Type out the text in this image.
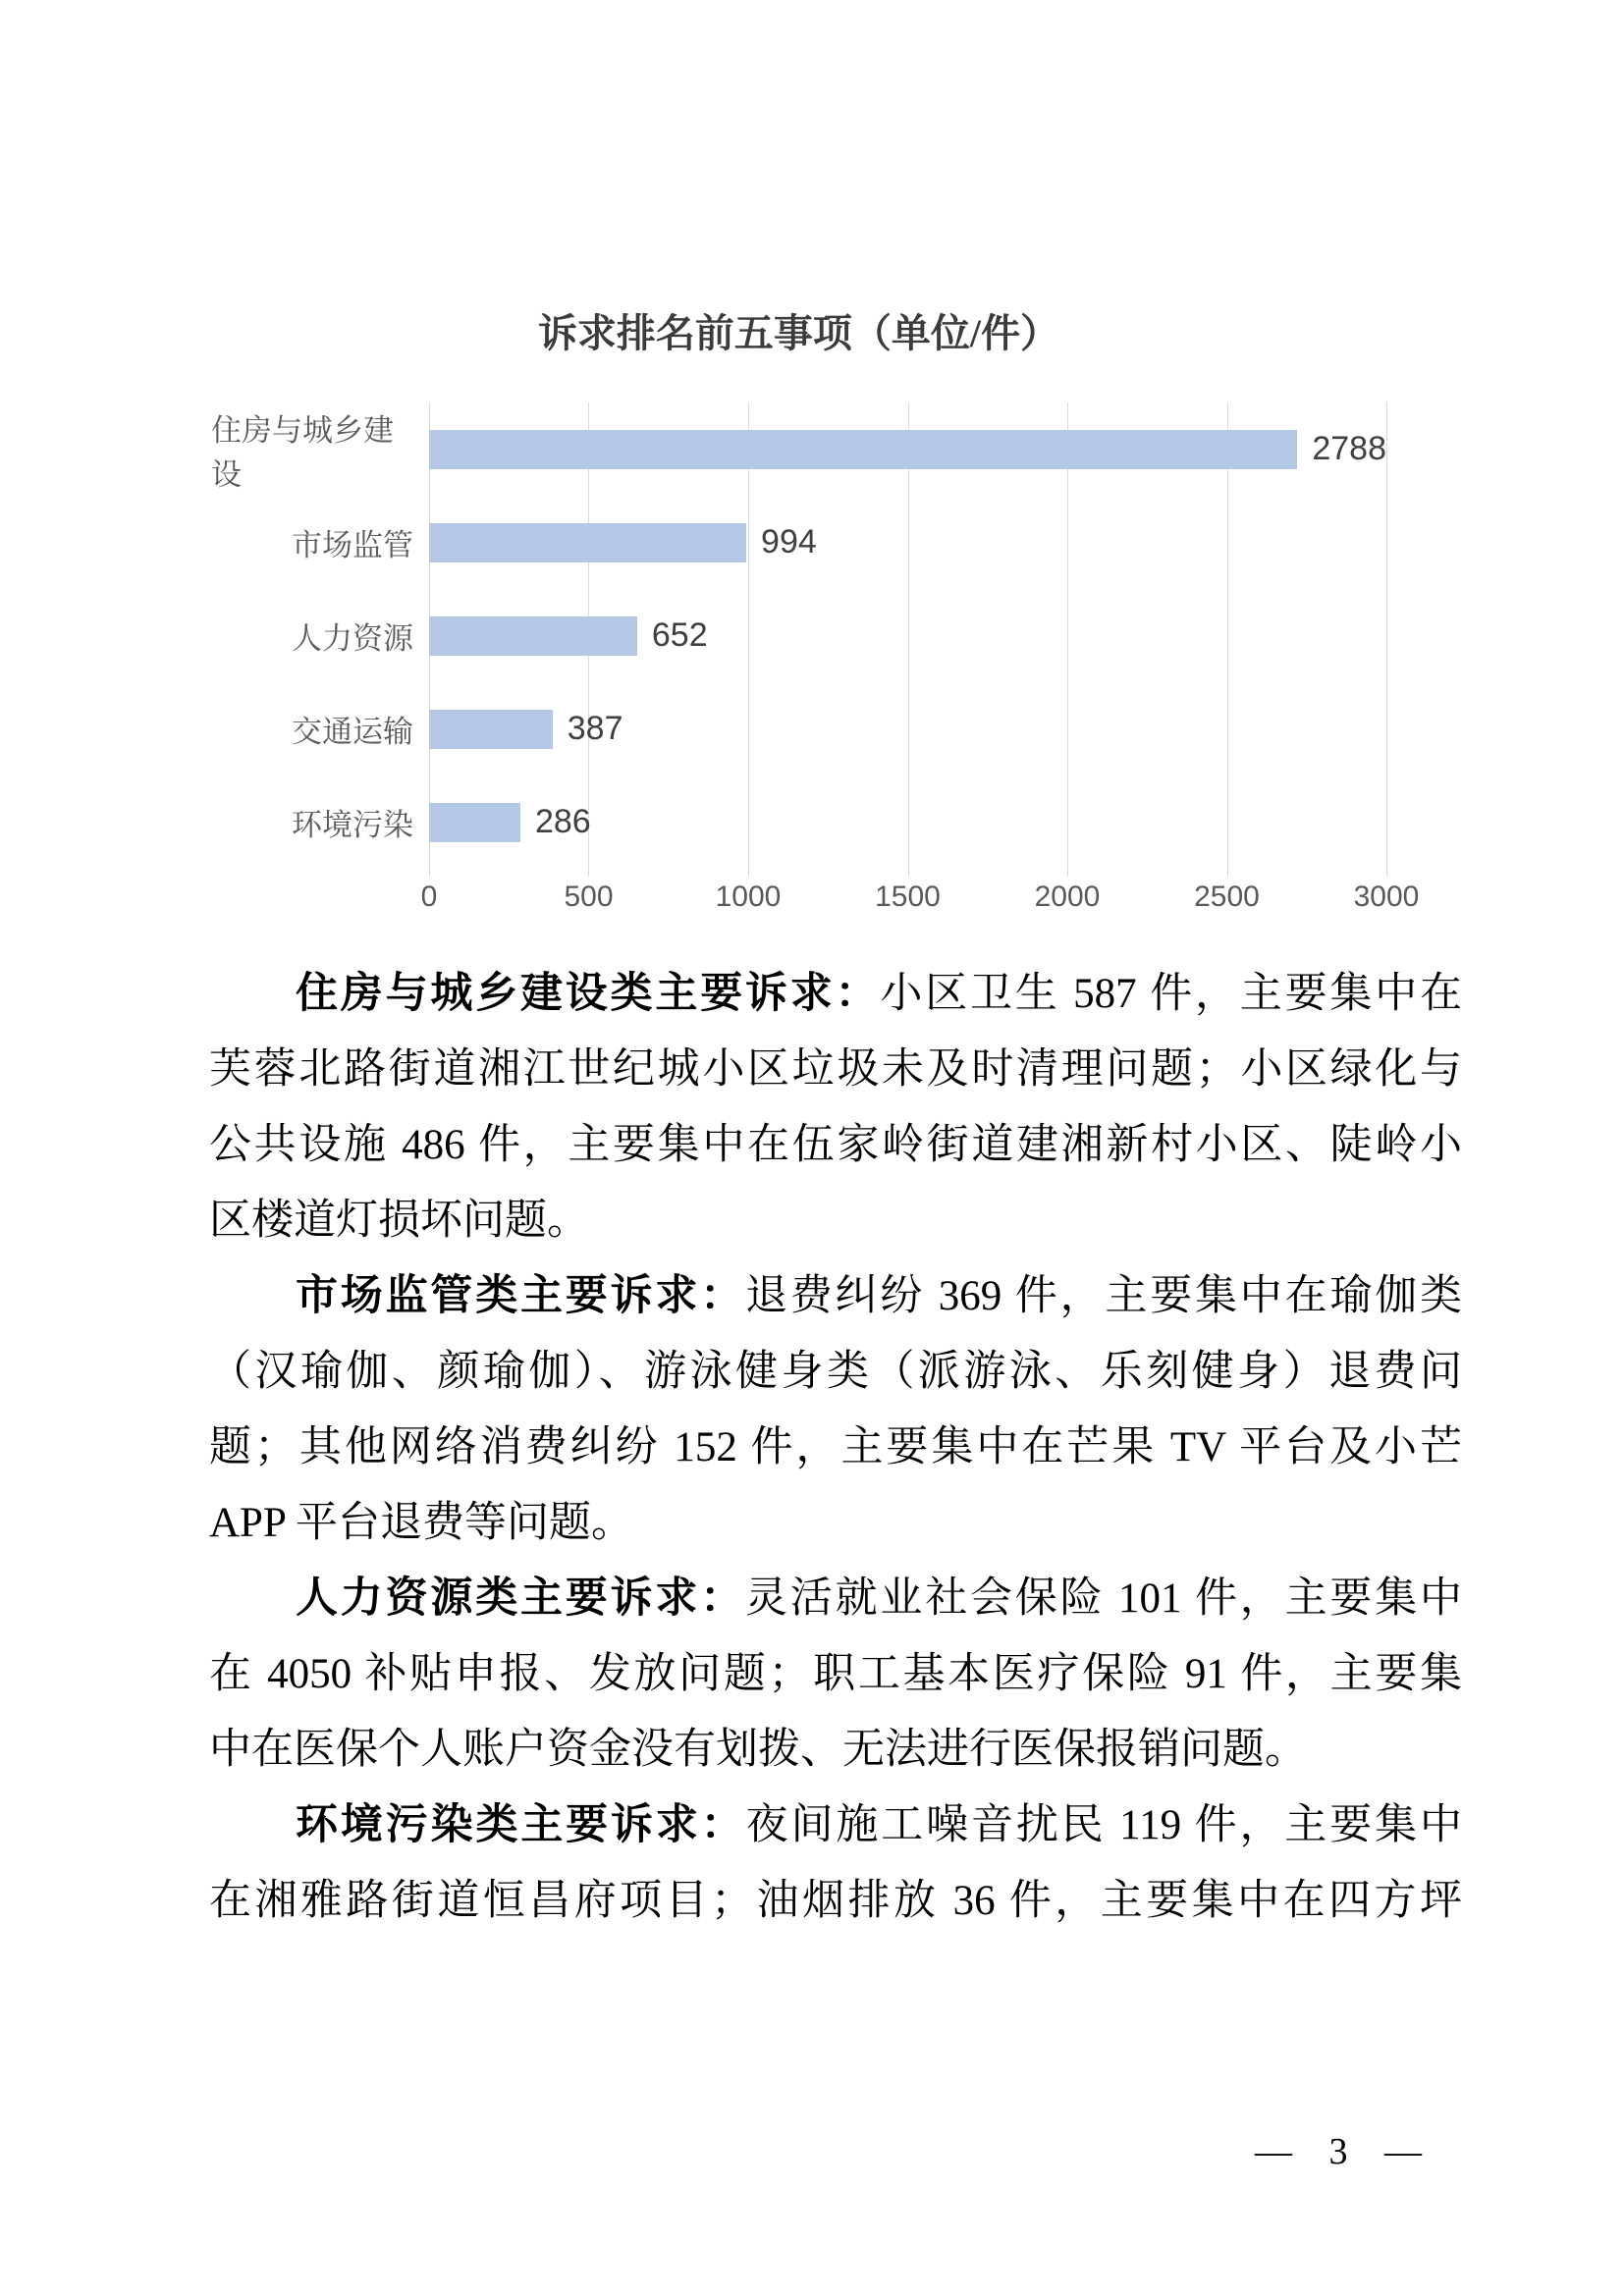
诉求排名前五事项（单位/件）
住房与城乡建设
市场监管
人力资源
交通运输
环境污染
2788
994
652
387
286
0	500	1000	1500	2000	2500	3000
住房与城乡建设类主要诉求：小区卫生 587 件，主要集中在
芙蓉北路街道湘江世纪城小区垃圾未及时清理问题；小区绿化与
公共设施 486 件，主要集中在伍家岭街道建湘新村小区、陡岭小
区楼道灯损坏问题。
市场监管类主要诉求：退费纠纷 369 件，主要集中在瑜伽类
（汉瑜伽、颜瑜伽）、游泳健身类（派游泳、乐刻健身）退费问
题；其他网络消费纠纷 152 件，主要集中在芒果 TV 平台及小芒
APP 平台退费等问题。
人力资源类主要诉求：灵活就业社会保险 101 件，主要集中
在 4050 补贴申报、发放问题；职工基本医疗保险 91 件，主要集
中在医保个人账户资金没有划拨、无法进行医保报销问题。
环境污染类主要诉求：夜间施工噪音扰民 119 件，主要集中
在湘雅路街道恒昌府项目；油烟排放 36 件，主要集中在四方坪
— 3 —
